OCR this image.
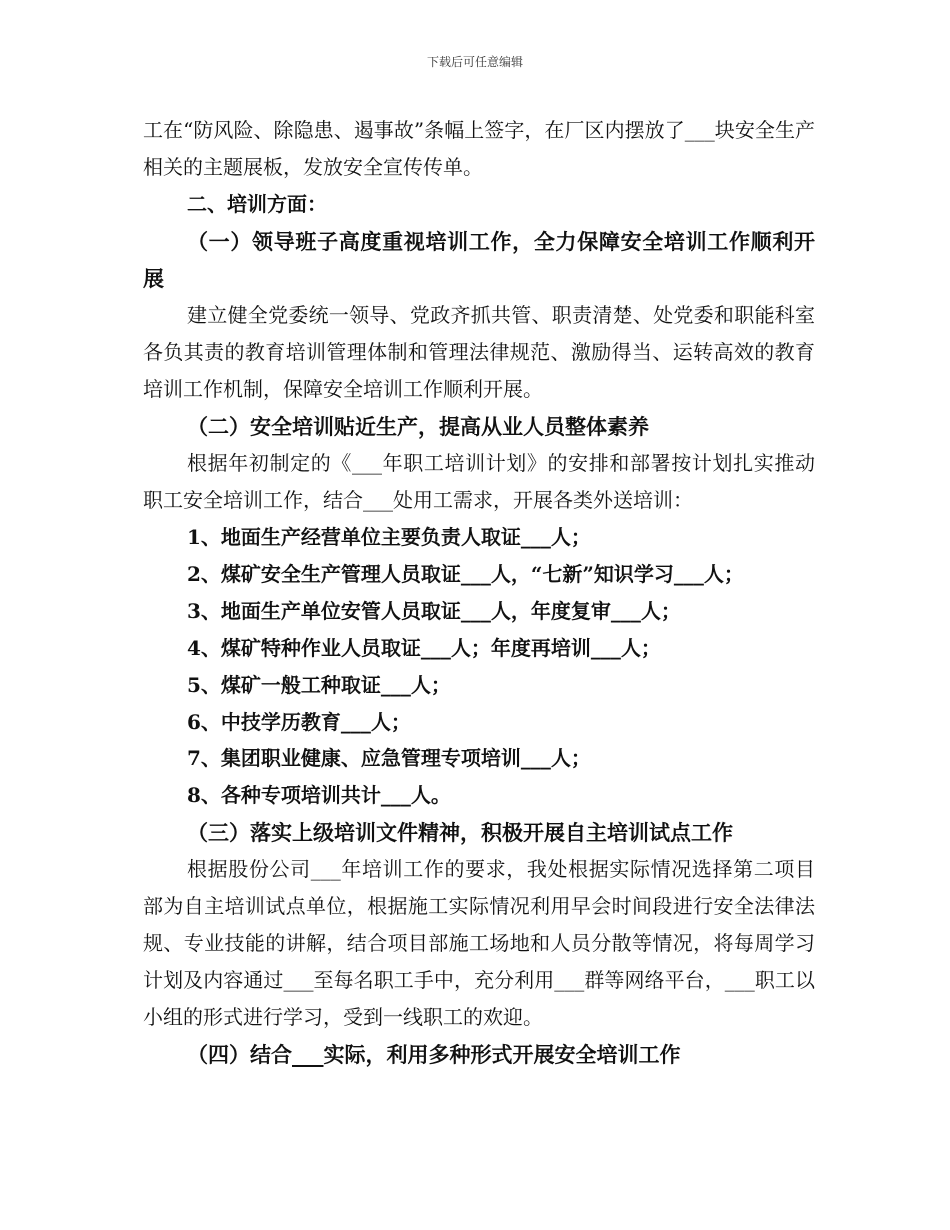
下载后可任意编辑

工在“防风险、除隐患、遏事故”条幅上签字，在厂区内摆放了___块安全生产相关的主题展板，发放安全宣传传单。

二、培训方面：

（一）领导班子高度重视培训工作，全力保障安全培训工作顺利开展

建立健全党委统一领导、党政齐抓共管、职责清楚、处党委和职能科室各负其责的教育培训管理体制和管理法律规范、激励得当、运转高效的教育培训工作机制，保障安全培训工作顺利开展。

（二）安全培训贴近生产，提高从业人员整体素养

根据年初制定的《___年职工培训计划》的安排和部署按计划扎实推动职工安全培训工作，结合___处用工需求，开展各类外送培训：

1、地面生产经营单位主要负责人取证___人；

2、煤矿安全生产管理人员取证___人，“七新”知识学习___人；

3、地面生产单位安管人员取证___人，年度复审___人；

4、煤矿特种作业人员取证___人；年度再培训___人；

5、煤矿一般工种取证___人；

6、中技学历教育___人；

7、集团职业健康、应急管理专项培训___人；

8、各种专项培训共计___人。

（三）落实上级培训文件精神，积极开展自主培训试点工作

根据股份公司___年培训工作的要求，我处根据实际情况选择第二项目部为自主培训试点单位，根据施工实际情况利用早会时间段进行安全法律法规、专业技能的讲解，结合项目部施工场地和人员分散等情况，将每周学习计划及内容通过___至每名职工手中，充分利用___群等网络平台，___职工以小组的形式进行学习，受到一线职工的欢迎。

（四）结合___实际，利用多种形式开展安全培训工作
